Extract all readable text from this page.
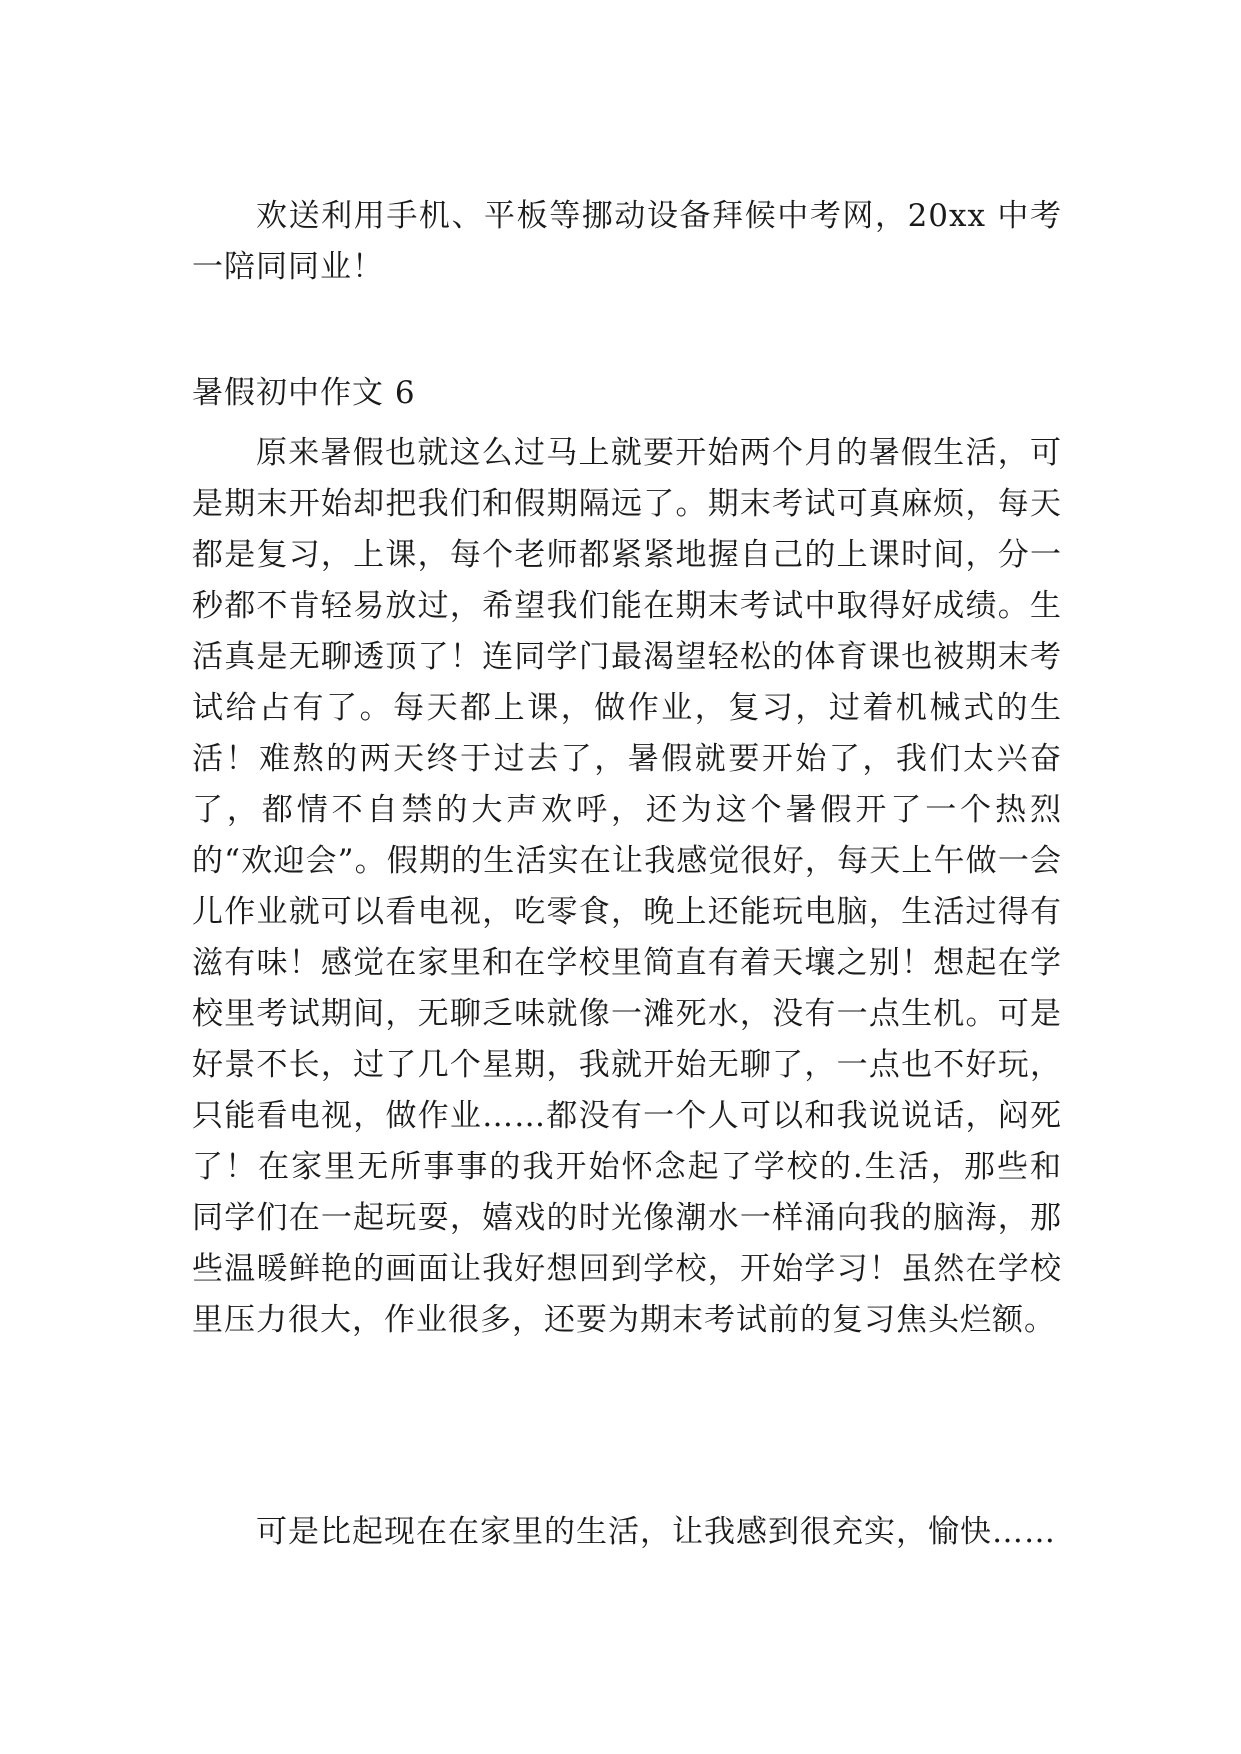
欢送利用手机、平板等挪动设备拜候中考网，20xx 中考一陪同同业！

暑假初中作文 6

原来暑假也就这么过马上就要开始两个月的暑假生活，可是期末开始却把我们和假期隔远了。期末考试可真麻烦，每天都是复习，上课，每个老师都紧紧地握自己的上课时间，分一秒都不肯轻易放过，希望我们能在期末考试中取得好成绩。生活真是无聊透顶了！连同学门最渴望轻松的体育课也被期末考试给占有了。每天都上课，做作业，复习，过着机械式的生活！难熬的两天终于过去了，暑假就要开始了，我们太兴奋了，都情不自禁的大声欢呼，还为这个暑假开了一个热烈的“欢迎会”。假期的生活实在让我感觉很好，每天上午做一会儿作业就可以看电视，吃零食，晚上还能玩电脑，生活过得有滋有味！感觉在家里和在学校里简直有着天壤之别！想起在学校里考试期间，无聊乏味就像一滩死水，没有一点生机。可是好景不长，过了几个星期，我就开始无聊了，一点也不好玩，只能看电视，做作业……都没有一个人可以和我说说话，闷死了！在家里无所事事的我开始怀念起了学校的.生活，那些和同学们在一起玩耍，嬉戏的时光像潮水一样涌向我的脑海，那些温暖鲜艳的画面让我好想回到学校，开始学习！虽然在学校里压力很大，作业很多，还要为期末考试前的复习焦头烂额。

可是比起现在在家里的生活，让我感到很充实，愉快……
